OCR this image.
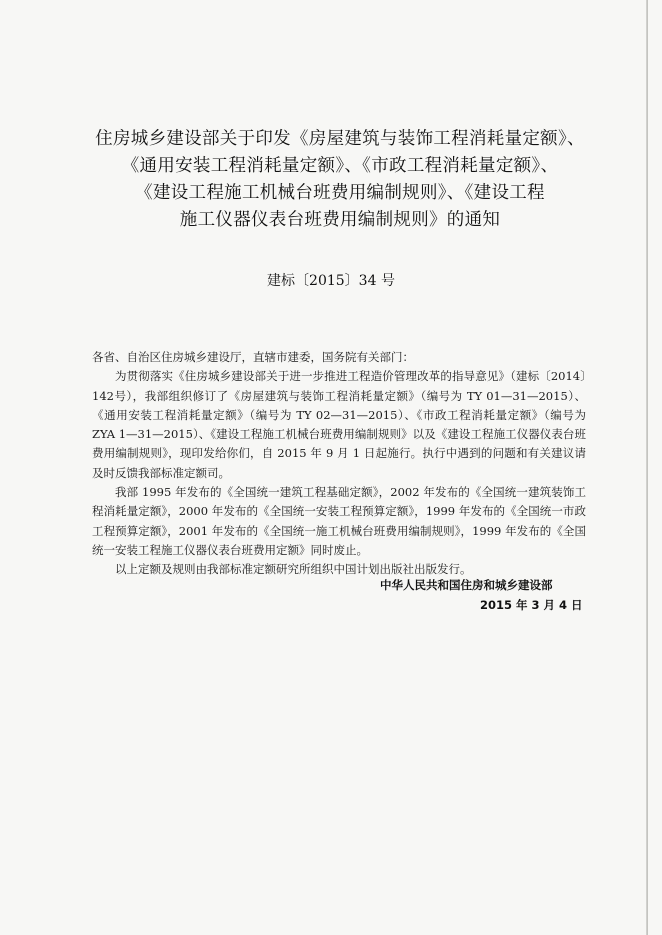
住房城乡建设部关于印发《房屋建筑与装饰工程消耗量定额》、
《通用安装工程消耗量定额》、《市政工程消耗量定额》、
《建设工程施工机械台班费用编制规则》、《建设工程
施工仪器仪表台班费用编制规则》的通知
建标〔2015〕34 号

各省、自治区住房城乡建设厅，直辖市建委，国务院有关部门：

为贯彻落实《住房城乡建设部关于进一步推进工程造价管理改革的指导意见》（建标〔2014〕142号），我部组织修订了《房屋建筑与装饰工程消耗量定额》（编号为 TY 01—31—2015）、《通用安装工程消耗量定额》（编号为 TY 02—31—2015）、《市政工程消耗量定额》（编号为 ZYA 1—31—2015）、《建设工程施工机械台班费用编制规则》以及《建设工程施工仪器仪表台班费用编制规则》，现印发给你们，自 2015 年 9 月 1 日起施行。执行中遇到的问题和有关建议请及时反馈我部标准定额司。

我部 1995 年发布的《全国统一建筑工程基础定额》，2002 年发布的《全国统一建筑装饰工程消耗量定额》，2000 年发布的《全国统一安装工程预算定额》，1999 年发布的《全国统一市政工程预算定额》，2001 年发布的《全国统一施工机械台班费用编制规则》，1999 年发布的《全国统一安装工程施工仪器仪表台班费用定额》同时废止。

以上定额及规则由我部标准定额研究所组织中国计划出版社出版发行。

中华人民共和国住房和城乡建设部
2015 年 3 月 4 日
